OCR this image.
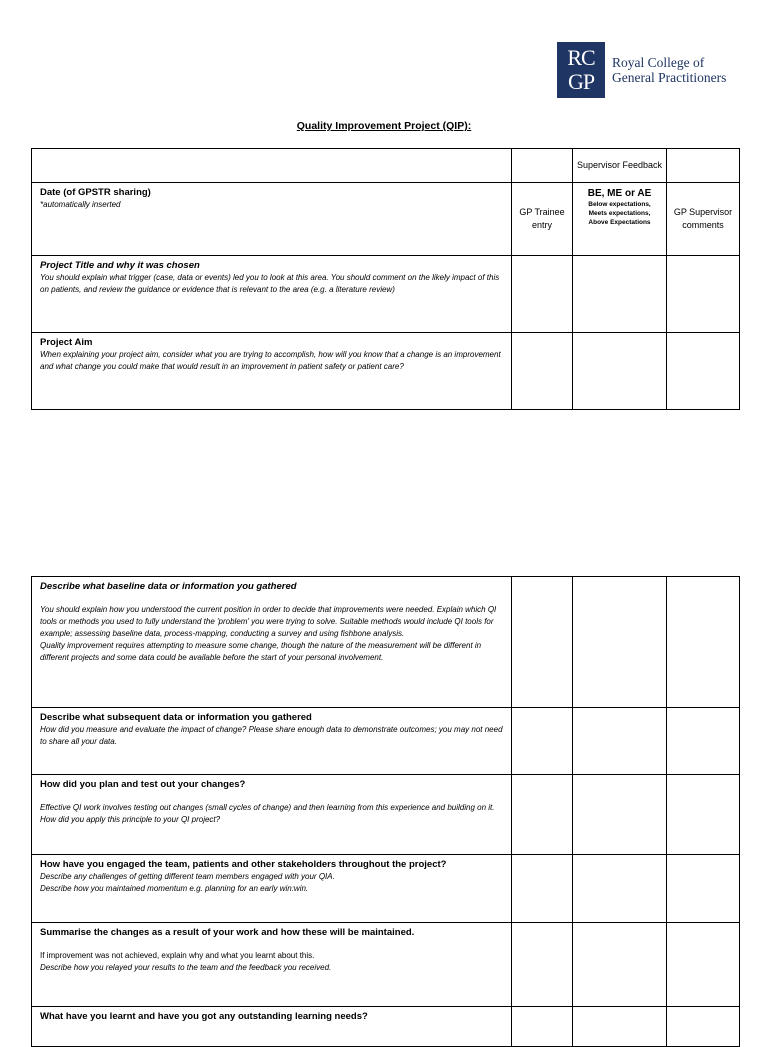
RC
GP
Royal College of
General Practitioners
Quality Improvement Project (QIP):
		Supervisor Feedback	

Date (of GPSTR sharing)
*automatically inserted	GP Trainee entry	BE, ME or AE
Below expectations,
Meets expectations,
Above Expectations	GP Supervisor comments

Project Title and why it was chosen
You should explain what trigger (case, data or events) led you to look at this area. You should comment on the likely impact of this on patients, and review the guidance or evidence that is relevant to the area (e.g. a literature review)			

Project Aim
When explaining your project aim, consider what you are trying to accomplish, how will you know that a change is an improvement and what change you could make that would result in an improvement in patient safety or patient care?			

Describe what baseline data or information you gathered
You should explain how you understood the current position in order to decide that improvements were needed. Explain which QI tools or methods you used to fully understand the 'problem' you were trying to solve. Suitable methods would include QI tools for example; assessing baseline data, process-mapping, conducting a survey and using fishbone analysis.
Quality improvement requires attempting to measure some change, though the nature of the measurement will be different in different projects and some data could be available before the start of your personal involvement.			

Describe what subsequent data or information you gathered
How did you measure and evaluate the impact of change? Please share enough data to demonstrate outcomes; you may not need to share all your data.			

How did you plan and test out your changes?
Effective QI work involves testing out changes (small cycles of change) and then learning from this experience and building on it. How did you apply this principle to your QI project?			

How have you engaged the team, patients and other stakeholders throughout the project?
Describe any challenges of getting different team members engaged with your QIA.
Describe how you maintained momentum e.g. planning for an early win:win.			

Summarise the changes as a result of your work and how these will be maintained.
If improvement was not achieved, explain why and what you learnt about this.
Describe how you relayed your results to the team and the feedback you received.			

What have you learnt and have you got any outstanding learning needs?			
